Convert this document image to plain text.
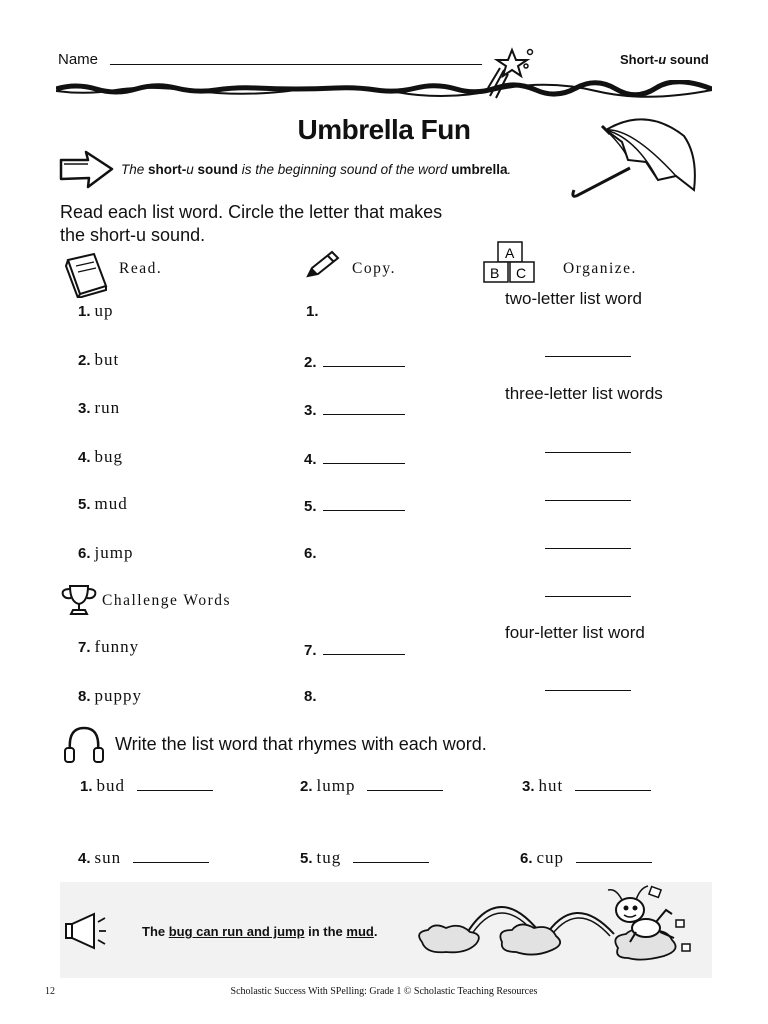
Name	Short-u sound
Umbrella Fun
The short-u sound is the beginning sound of the word umbrella.
Read each list word. Circle the letter that makes the short-u sound.
Read.	Copy.
A
B C Organize.
1. up
2. but
3. run
4. bug
5. mud
6. jump
Challenge Words
7. funny
8. puppy
1.
2.
3.
4.
5.
6.
7.
8.
two-letter list word
three-letter list words
four-letter list word
Write the list word that rhymes with each word.
1. bud	2. lump	3. hut
4. sun	5. tug	6. cup
The bug can run and jump in the mud.
12	Scholastic Success With SPelling: Grade 1 © Scholastic Teaching Resources
